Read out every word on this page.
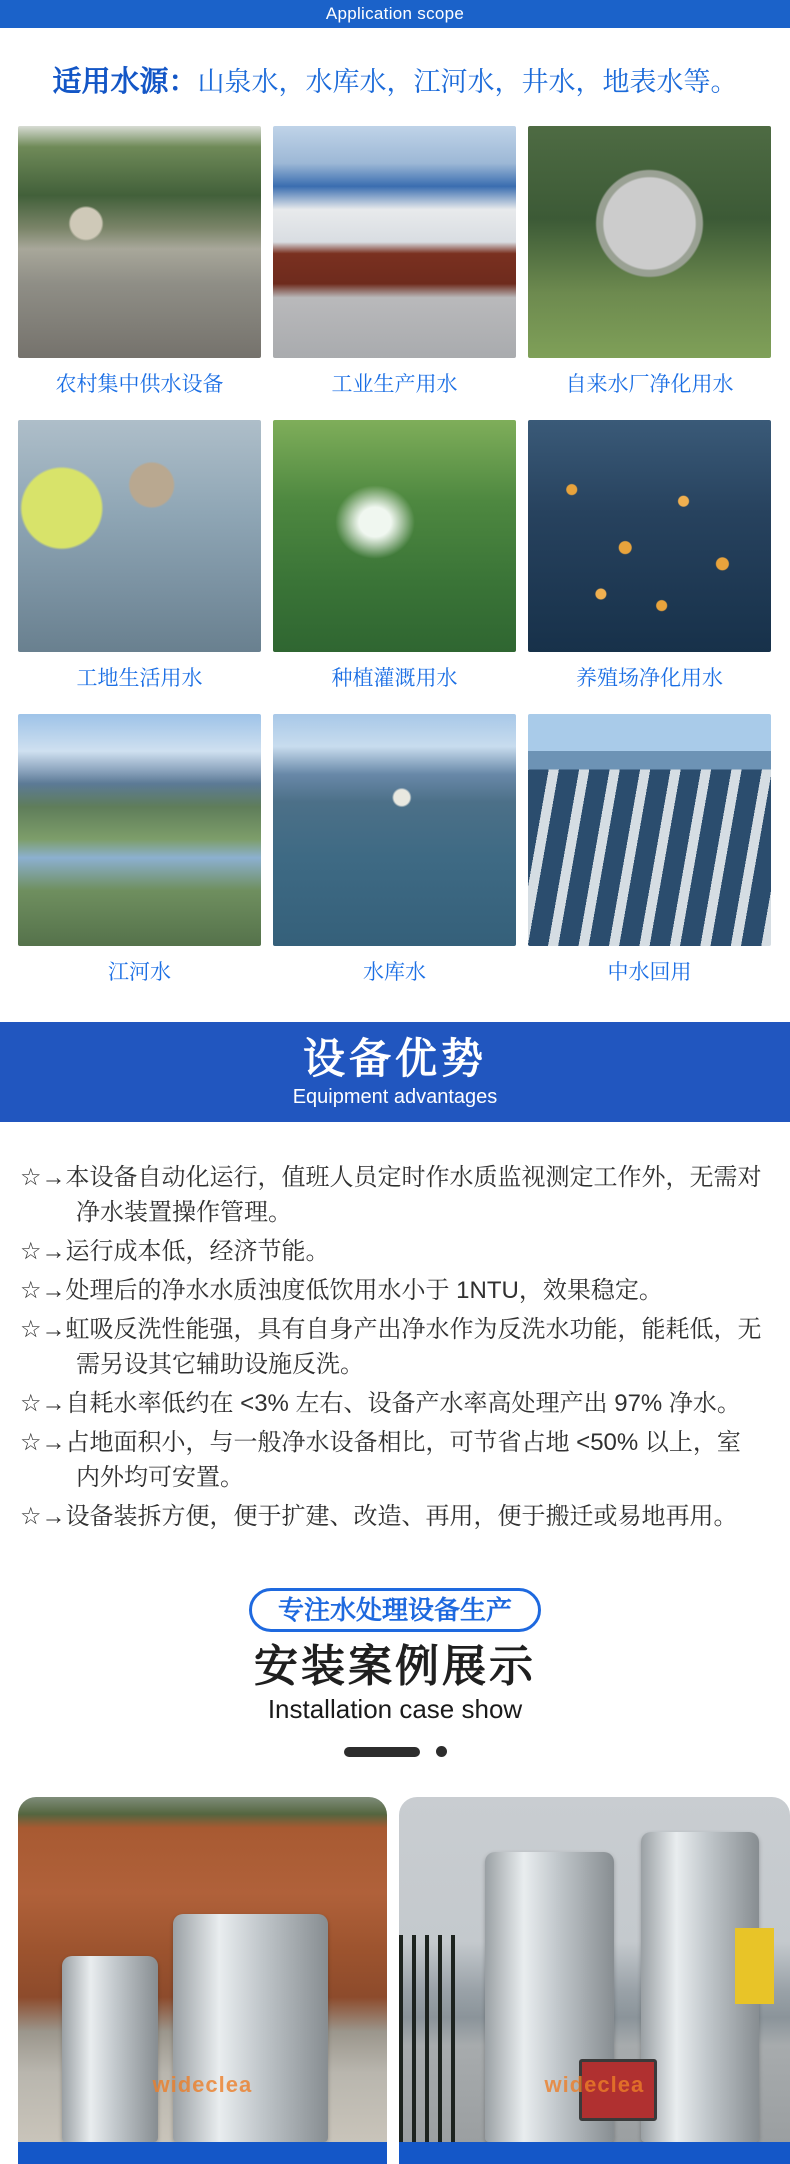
Application scope
适用水源：山泉水，水库水，江河水，井水，地表水等。
农村集中供水设备	工业生产用水	自来水厂净化用水
工地生活用水	种植灌溉用水	养殖场净化用水
江河水	水库水	中水回用
设备优势
Equipment advantages
☆→本设备自动化运行，值班人员定时作水质监视测定工作外，无需对净水装置操作管理。
☆→运行成本低，经济节能。
☆→处理后的净水水质浊度低饮用水小于 1NTU，效果稳定。
☆→虹吸反洗性能强，具有自身产出净水作为反洗水功能，能耗低，无需另设其它辅助设施反洗。
☆→自耗水率低约在 <3% 左右、设备产水率高处理产出 97% 净水。
☆→占地面积小，与一般净水设备相比，可节省占地 <50% 以上，室内外均可安置。
☆→设备装拆方便，便于扩建、改造、再用，便于搬迁或易地再用。
专注水处理设备生产
安装案例展示
Installation case show
wideclea	wideclea
